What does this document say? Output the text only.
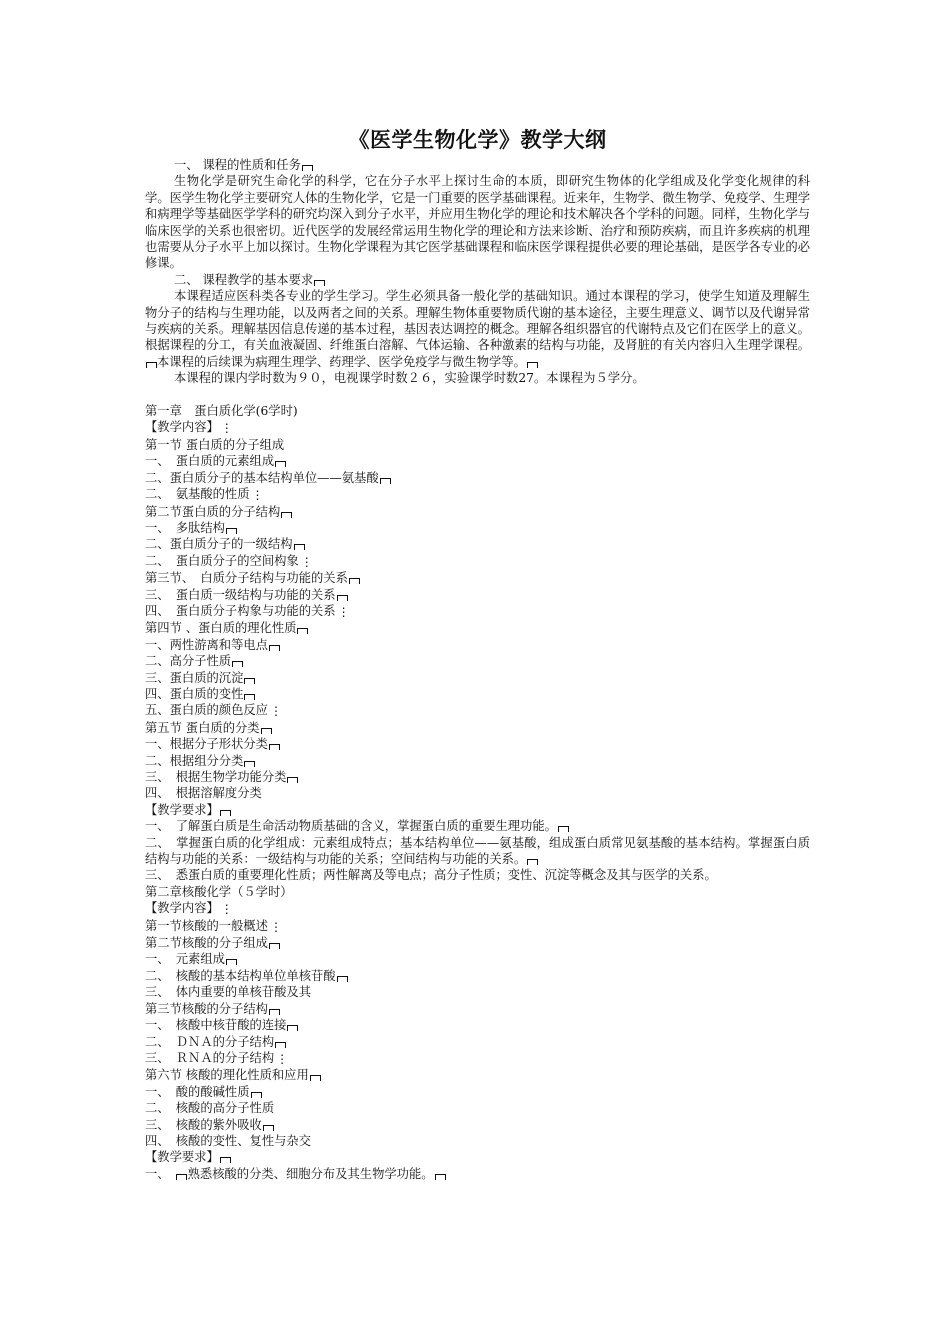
《医学生物化学》教学大纲
一、 课程的性质和任务
生物化学是研究生命化学的科学，它在分子水平上探讨生命的本质，即研究生物体的化学组成及化学变化规律的科学。医学生物化学主要研究人体的生物化学，它是一门重要的医学基础课程。近来年，生物学、微生物学、免疫学、生理学和病理学等基础医学学科的研究均深入到分子水平，并应用生物化学的理论和技术解决各个学科的问题。同样，生物化学与临床医学的关系也很密切。近代医学的发展经常运用生物化学的理论和方法来诊断、治疗和预防疾病，而且许多疾病的机理也需要从分子水平上加以探讨。生物化学课程为其它医学基础课程和临床医学课程提供必要的理论基础，是医学各专业的必修课。
二、 课程教学的基本要求
本课程适应医科类各专业的学生学习。学生必须具备一般化学的基础知识。通过本课程的学习，使学生知道及理解生物分子的结构与生理功能，以及两者之间的关系。理解生物体重要物质代谢的基本途径，主要生理意义、调节以及代谢异常与疾病的关系。理解基因信息传递的基本过程，基因表达调控的概念。理解各组织器官的代谢特点及它们在医学上的意义。根据课程的分工，有关血液凝固、纤维蛋白溶解、气体运输、各种激素的结构与功能，及肾脏的有关内容归入生理学课程。本课程的后续课为病理生理学、药理学、医学免疫学与微生物学等。
本课程的课内学时数为９０，电视课学时数２６，实验课学时数27。本课程为５学分。
第一章　蛋白质化学(6学时)
【教学内容】 ⋮
第一节 蛋白质的分子组成
一、　蛋白质的元素组成
二、蛋白质分子的基本结构单位——氨基酸
二、　氨基酸的性质 ⋮
第二节蛋白质的分子结构
一、　多肽结构
二、蛋白质分子的一级结构
二、　蛋白质分子的空间构象 ⋮
第三节、　白质分子结构与功能的关系
三、　蛋白质一级结构与功能的关系
四、　蛋白质分子构象与功能的关系 ⋮
第四节 、蛋白质的理化性质
一、两性游离和等电点
二、高分子性质
三、蛋白质的沉淀
四、蛋白质的变性
五、蛋白质的颜色反应 ⋮
第五节 蛋白质的分类
一、根据分子形状分类
二、根据组分分类
三、　根据生物学功能分类
四、　根据溶解度分类
【教学要求】
一、　了解蛋白质是生命活动物质基础的含义，掌握蛋白质的重要生理功能。
二、　掌握蛋白质的化学组成：元素组成特点；基本结构单位——氨基酸，组成蛋白质常见氨基酸的基本结构。掌握蛋白质结构与功能的关系：一级结构与功能的关系；空间结构与功能的关系。
三、　悉蛋白质的重要理化性质；两性解离及等电点；高分子性质；变性、沉淀等概念及其与医学的关系。
第二章核酸化学（５学时）
【教学内容】 ⋮
第一节核酸的一般概述 ⋮
第二节核酸的分子组成
一、　元素组成
二、　核酸的基本结构单位单核苷酸
三、　体内重要的单核苷酸及其
第三节核酸的分子结构
一、　核酸中核苷酸的连接
二、　ＤＮＡ的分子结构
三、　ＲＮＡ的分子结构 ⋮
第六节 核酸的理化性质和应用
一、　酸的酸碱性质
二、　核酸的高分子性质
三、　核酸的紫外吸收
四、　核酸的变性、复性与杂交
【教学要求】
一、 熟悉核酸的分类、细胞分布及其生物学功能。
